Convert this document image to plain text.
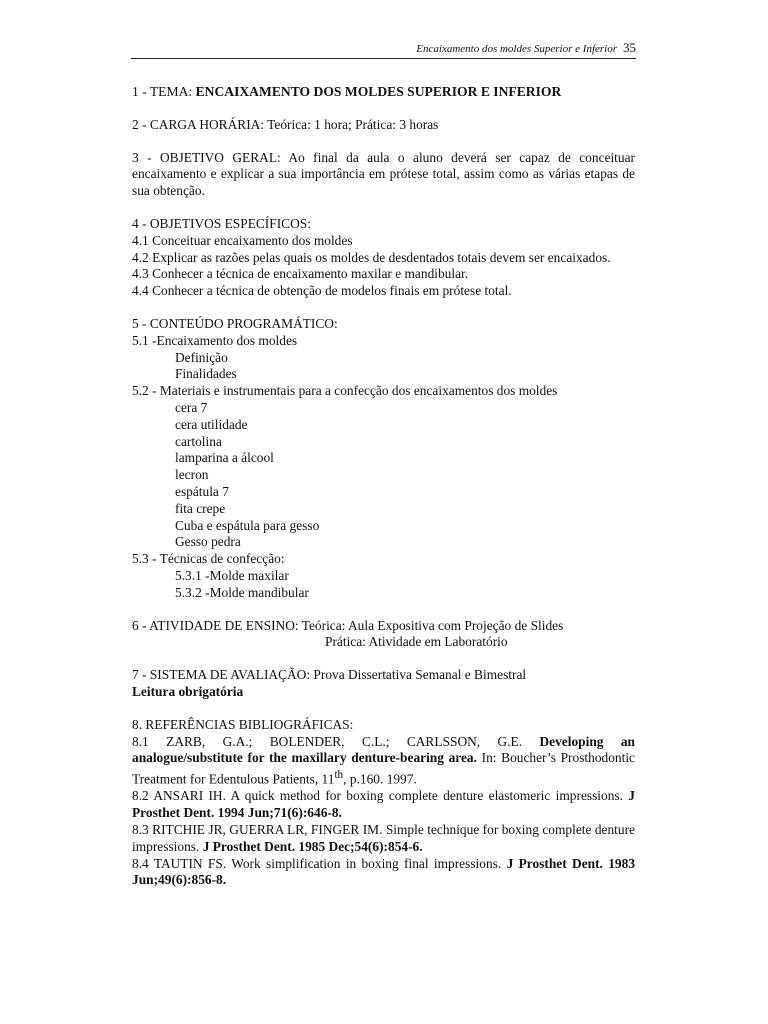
Encaixamento dos moldes Superior e Inferior 35

1 - TEMA: ENCAIXAMENTO DOS MOLDES SUPERIOR E INFERIOR

2 - CARGA HORÁRIA: Teórica: 1 hora; Prática: 3 horas

3 - OBJETIVO GERAL: Ao final da aula o aluno deverá ser capaz de conceituar encaixamento e explicar a sua importância em prótese total, assim como as várias etapas de sua obtenção.

4 - OBJETIVOS ESPECÍFICOS:

4.1 Conceituar encaixamento dos moldes

4.2 Explicar as razões pelas quais os moldes de desdentados totais devem ser encaixados.

4.3 Conhecer a técnica de encaixamento maxilar e mandibular.

4.4 Conhecer a técnica de obtenção de modelos finais em prótese total.

5 - CONTEÚDO PROGRAMÁTICO:

5.1 -Encaixamento dos moldes

Definição

Finalidades

5.2 - Materiais e instrumentais para a confecção dos encaixamentos dos moldes

cera 7

cera utilidade

cartolina

lamparina a álcool

lecron

espátula 7

fita crepe

Cuba e espátula para gesso

Gesso pedra

5.3 - Técnicas de confecção:

5.3.1 -Molde maxilar

5.3.2 -Molde mandibular

6 - ATIVIDADE DE ENSINO: Teórica: Aula Expositiva com Projeção de Slides

Prática: Atividade em Laboratório

7 - SISTEMA DE AVALIAÇÃO: Prova Dissertativa Semanal e Bimestral

Leitura obrigatória

8. REFERÊNCIAS BIBLIOGRÁFICAS:

8.1 ZARB, G.A.; BOLENDER, C.L.; CARLSSON, G.E. Developing an analogue/substitute for the maxillary denture-bearing area. In: Boucher’s Prosthodontic Treatment for Edentulous Patients, 11th, p.160. 1997.

8.2 ANSARI IH. A quick method for boxing complete denture elastomeric impressions. J Prosthet Dent. 1994 Jun;71(6):646-8.

8.3 RITCHIE JR, GUERRA LR, FINGER IM. Simple technique for boxing complete denture impressions. J Prosthet Dent. 1985 Dec;54(6):854-6.

8.4 TAUTIN FS. Work simplification in boxing final impressions. J Prosthet Dent. 1983 Jun;49(6):856-8.
